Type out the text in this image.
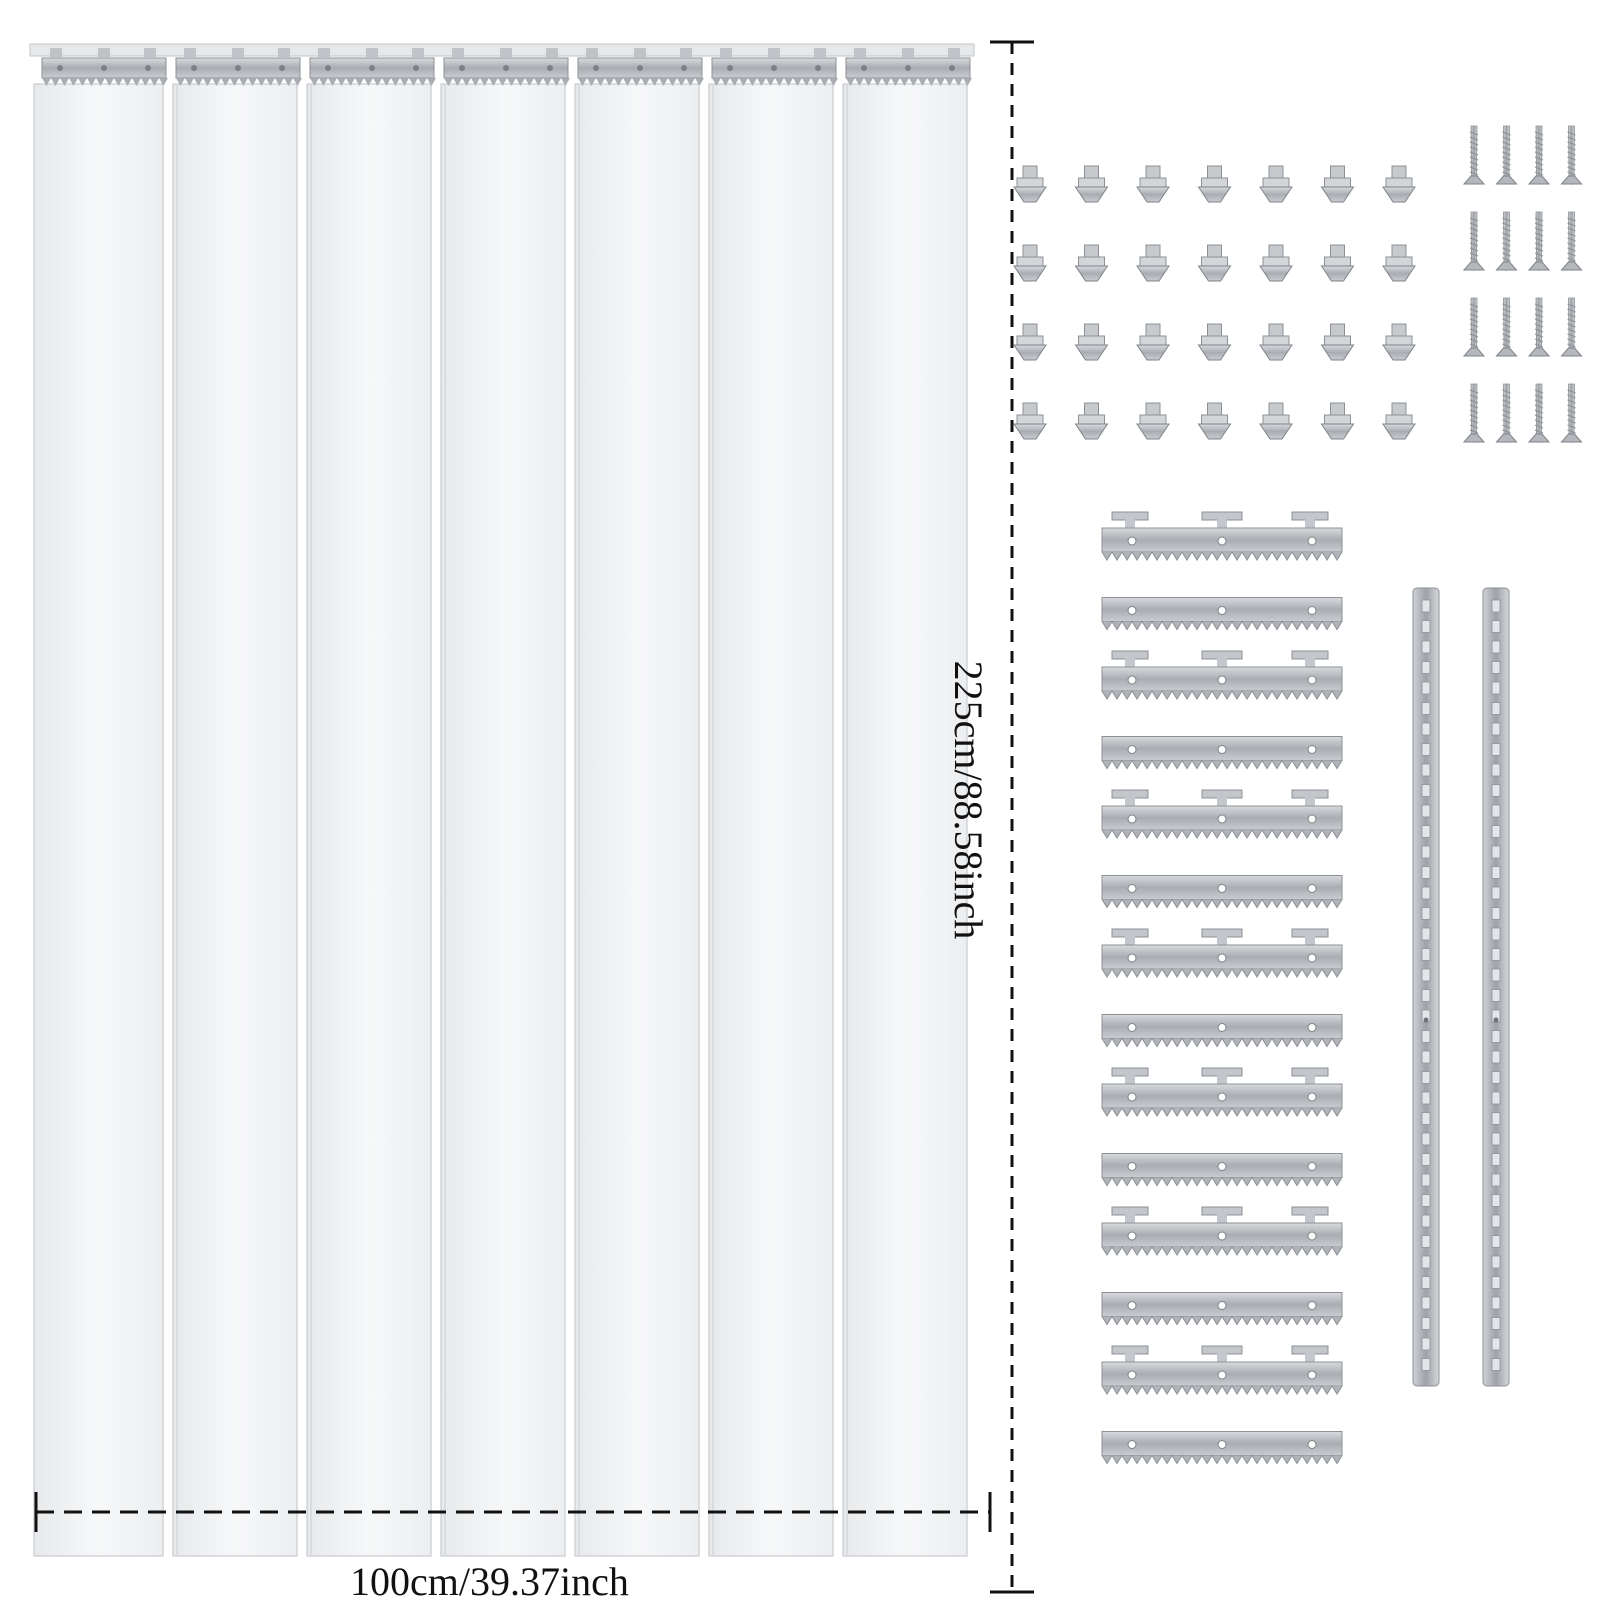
225cm/88.58inch
100cm/39.37inch
